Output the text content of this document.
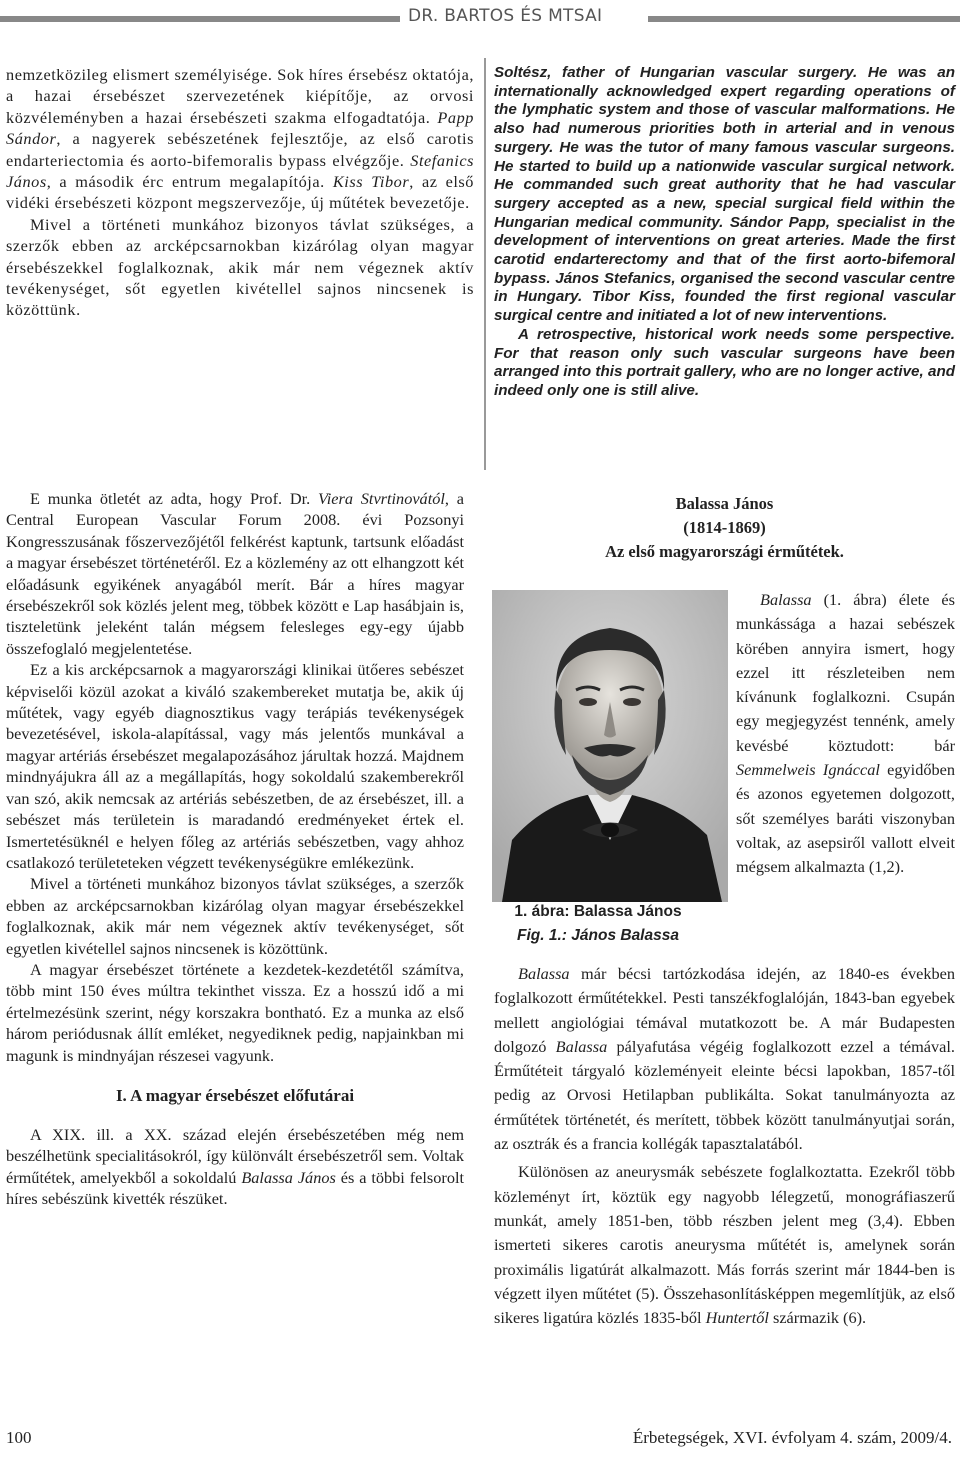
DR. BARTOS ÉS MTSAI

nemzetközileg elismert személyisége. Sok híres érsebész oktatója, a hazai érsebészet szervezetének kiépítője, az orvosi közvéleményben a hazai érsebészeti szakma elfogadtatója. Papp Sándor, a nagyerek sebészetének fejlesztője, az első carotis endarteriectomia és aorto-bifemoralis bypass elvégzője. Stefanics János, a második érc entrum megalapítója. Kiss Tibor, az első vidéki érsebészeti központ megszervezője, új műtétek bevezetője.

Mivel a történeti munkához bizonyos távlat szükséges, a szerzők ebben az arcképcsarnokban kizárólag olyan magyar érsebészekkel foglalkoznak, akik már nem végeznek aktív tevékenységet, sőt egyetlen kivétellel sajnos nincsenek is közöttünk.

E munka ötletét az adta, hogy Prof. Dr. Viera Stvrtinovától, a Central European Vascular Forum 2008. évi Pozsonyi Kongresszusának főszervezőjétől felkérést kaptunk, tartsunk előadást a magyar érsebészet történetéről. Ez a közlemény az ott elhangzott két előadásunk egyikének anyagából merít. Bár a híres magyar érsebészekről sok közlés jelent meg, többek között e Lap hasábjain is, tiszteletünk jeleként talán mégsem felesleges egy-egy újabb összefoglaló megjelentetése.

Ez a kis arcképcsarnok a magyarországi klinikai ütőeres sebészet képviselői közül azokat a kiváló szakembereket mutatja be, akik új műtétek, vagy egyéb diagnosztikus vagy terápiás tevékenységek bevezetésével, iskola-alapítással, vagy más jelentős munkával a magyar artériás érsebészet megalapozásához járultak hozzá. Majdnem mindnyájukra áll az a megállapítás, hogy sokoldalú szakemberekről van szó, akik nemcsak az artériás sebészetben, de az érsebészet, ill. a sebészet más területein is maradandó eredményeket értek el. Ismertetésüknél e helyen főleg az artériás sebészetben, vagy ahhoz csatlakozó területeteken végzett tevékenységükre emlékezünk.

Mivel a történeti munkához bizonyos távlat szükséges, a szerzők ebben az arcképcsarnokban kizárólag olyan magyar érsebészekkel foglalkoznak, akik már nem végeznek aktív tevékenységet, sőt egyetlen kivétellel sajnos nincsenek is közöttünk.

A magyar érsebészet története a kezdetek-kezdetétől számítva, több mint 150 éves múltra tekinthet vissza. Ez a hosszú idő a mi értelmezésünk szerint, négy korszakra bontható. Ez a munka az első három periódusnak állít emléket, negyediknek pedig, napjainkban mi magunk is mindnyájan részesei vagyunk.

I. A magyar érsebészet előfutárai

A XIX. ill. a XX. század elején érsebészetében még nem beszélhetünk specialitásokról, így különvált érsebészetről sem. Voltak érműtétek, amelyekből a sokoldalú Balassa János és a többi felsorolt híres sebészünk kivették részüket.

Soltész, father of Hungarian vascular surgery. He was an internationally acknowledged expert regarding operations of the lymphatic system and those of vascular malformations. He also had numerous priorities both in arterial and in venous surgery. He was the tutor of many famous vascular surgeons. He started to build up a nationwide vascular surgical network. He commanded such great authority that he had vascular surgery accepted as a new, special surgical field within the Hungarian medical community. Sándor Papp, specialist in the development of interventions on great arteries. Made the first carotid endarterectomy and that of the first aorto-bifemoral bypass. János Stefanics, organised the second vascular centre in Hungary. Tibor Kiss, founded the first regional vascular surgical centre and initiated a lot of new interventions.

A retrospective, historical work needs some perspective. For that reason only such vascular surgeons have been arranged into this portrait gallery, who are no longer active, and indeed only one is still alive.

Balassa János
(1814-1869)
Az első magyarországi érműtétek.

Balassa (1. ábra) élete és munkássága a hazai sebészek körében annyira ismert, hogy ezzel itt részleteiben nem kívánunk foglalkozni. Csupán egy megjegyzést tennénk, amely kevésbé köztudott: bár Semmelweis Ignáccal egyidőben és azonos egyetemen dolgozott, sőt személyes baráti viszonyban voltak, az asepsiről vallott elveit mégsem alkalmazta (1,2).

1. ábra: Balassa János
Fig. 1.: János Balassa

Balassa már bécsi tartózkodása idején, az 1840-es években foglalkozott érműtétekkel. Pesti tanszékfoglalóján, 1843-ban egyebek mellett angiológiai témával mutatkozott be. A már Budapesten dolgozó Balassa pályafutása végéig foglalkozott ezzel a témával. Érműtéteit tárgyaló közleményeit eleinte bécsi lapokban, 1857-től pedig az Orvosi Hetilapban publikálta. Sokat tanulmányozta az érműtétek történetét, és merített, többek között tanulmányutjai során, az osztrák és a francia kollégák tapasztalatából.

Különösen az aneurysmák sebészete foglalkoztatta. Ezekről több közleményt írt, köztük egy nagyobb lélegzetű, monográfiaszerű munkát, amely 1851-ben, több részben jelent meg (3,4). Ebben ismerteti sikeres carotis aneurysma műtétét is, amelynek során proximális ligatúrát alkalmazott. Más forrás szerint már 1844-ben is végzett ilyen műtétet (5). Összehasonlításképpen megemlítjük, az első sikeres ligatúra közlés 1835-ből Huntertől származik (6).

100	Érbetegségek, XVI. évfolyam 4. szám, 2009/4.
